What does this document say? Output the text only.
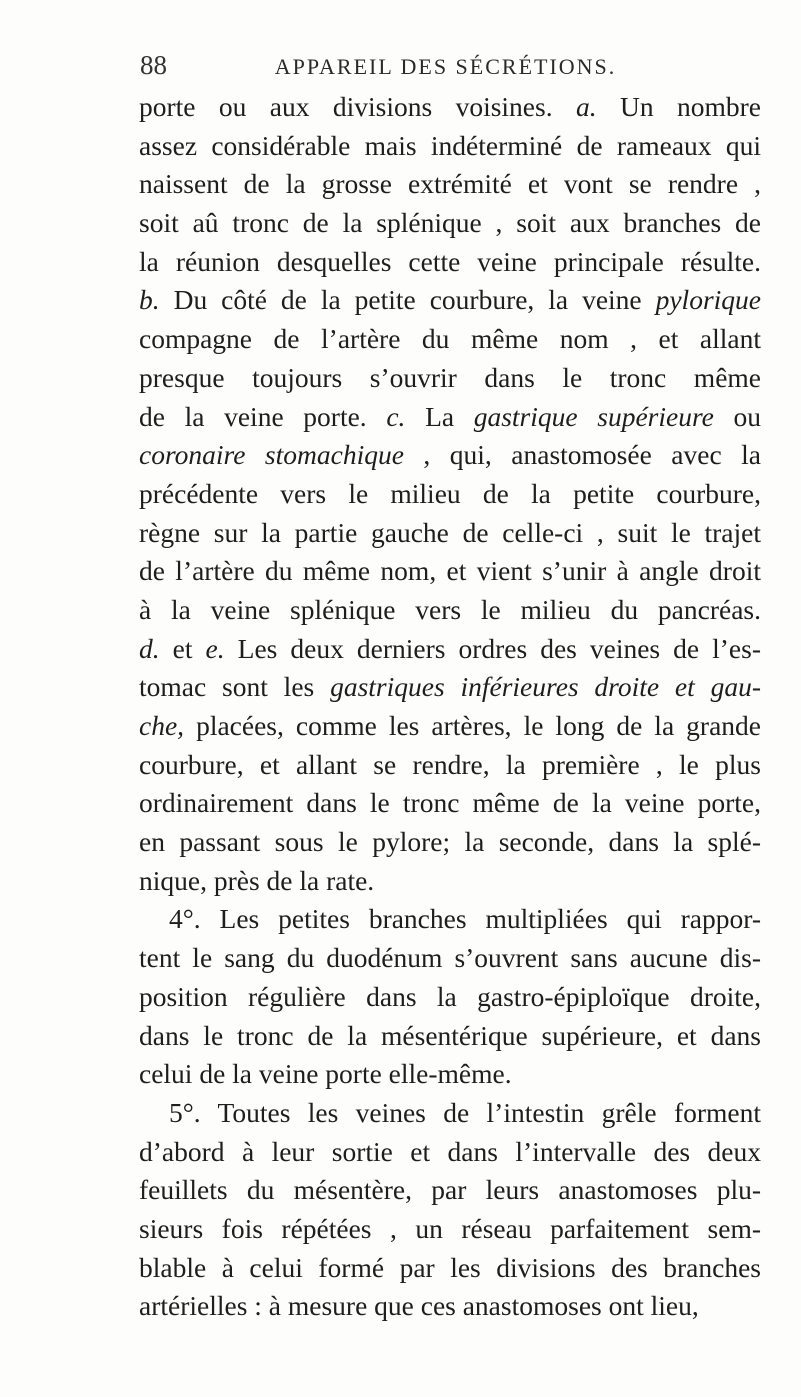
88	APPAREIL DES SÉCRÉTIONS.
porte ou aux divisions voisines. a. Un nombre
assez considérable mais indéterminé de rameaux qui
naissent de la grosse extrémité et vont se rendre ,
soit aû tronc de la splénique , soit aux branches de
la réunion desquelles cette veine principale résulte.
b. Du côté de la petite courbure, la veine pylorique
compagne de l’artère du même nom , et allant
presque toujours s’ouvrir dans le tronc même
de la veine porte. c. La gastrique supérieure ou
coronaire stomachique , qui, anastomosée avec la
précédente vers le milieu de la petite courbure,
règne sur la partie gauche de celle-ci , suit le trajet
de l’artère du même nom, et vient s’unir à angle droit
à la veine splénique vers le milieu du pancréas.
d. et e. Les deux derniers ordres des veines de l’es-
tomac sont les gastriques inférieures droite et gau-
che, placées, comme les artères, le long de la grande
courbure, et allant se rendre, la première , le plus
ordinairement dans le tronc même de la veine porte,
en passant sous le pylore; la seconde, dans la splé-
nique, près de la rate.
4°. Les petites branches multipliées qui rappor-
tent le sang du duodénum s’ouvrent sans aucune dis-
position régulière dans la gastro-épiploïque droite,
dans le tronc de la mésentérique supérieure, et dans
celui de la veine porte elle-même.
5°. Toutes les veines de l’intestin grêle forment
d’abord à leur sortie et dans l’intervalle des deux
feuillets du mésentère, par leurs anastomoses plu-
sieurs fois répétées , un réseau parfaitement sem-
blable à celui formé par les divisions des branches
artérielles : à mesure que ces anastomoses ont lieu,
